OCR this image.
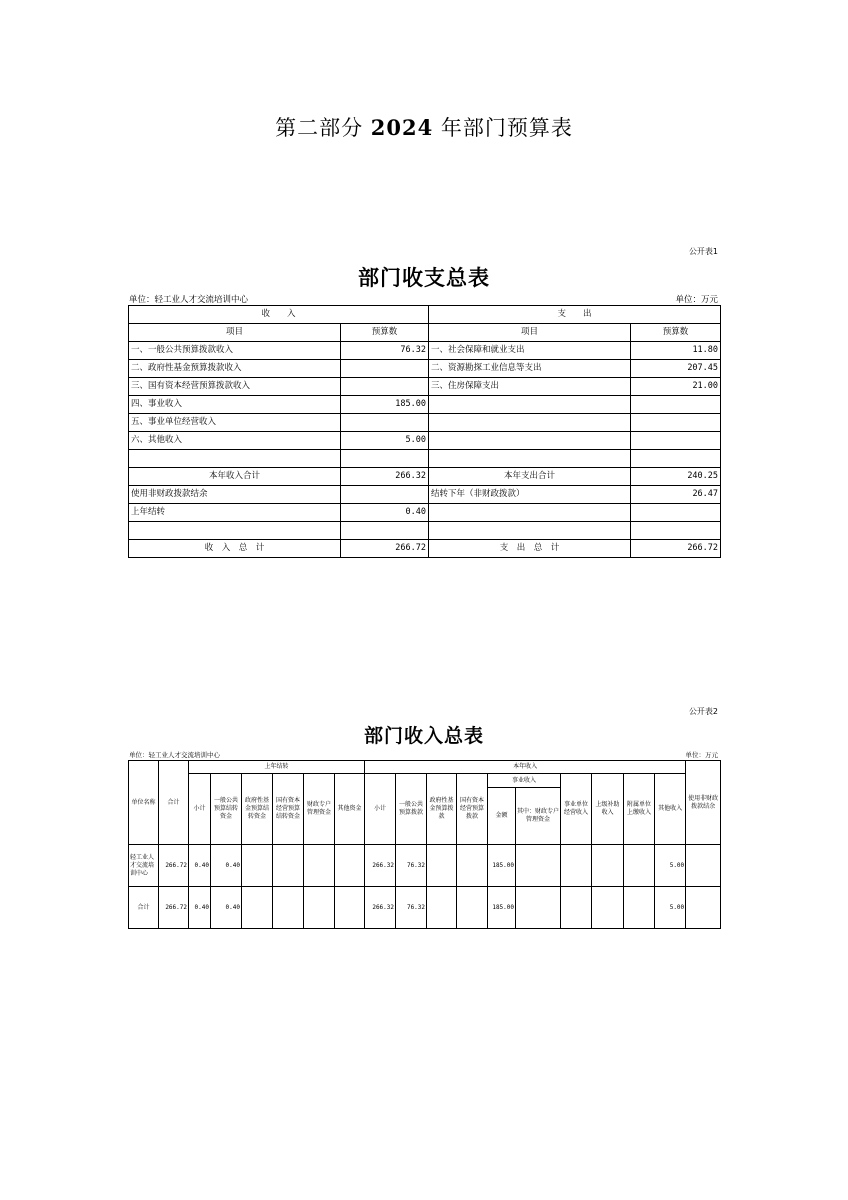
第二部分 2024 年部门预算表
公开表1
部门收支总表
单位：轻工业人才交流培训中心	单位：万元
收　　入		支　　出	
项目	预算数	项目	预算数
一、一般公共预算拨款收入	76.32	一、社会保障和就业支出	11.80
二、政府性基金预算拨款收入		二、资源勘探工业信息等支出	207.45
三、国有资本经营预算拨款收入		三、住房保障支出	21.00
四、事业收入	185.00		
五、事业单位经营收入			
六、其他收入	5.00		

本年收入合计	266.32	本年支出合计	240.25
使用非财政拨款结余		结转下年（非财政拨款）	26.47
上年结转	0.40		

收　入　总　计	266.72	支　出　总　计	266.72
公开表2
部门收入总表
单位：轻工业人才交流培训中心	单位：万元
单位名称	合计	上年结转						本年收入										使用非财政拨款结余
		小计	一般公共预算结转资金	政府性基金预算结转资金	国有资本经营预算结转资金	财政专户管理资金	其他资金	小计	一般公共预算拨款	政府性基金预算拨款	国有资本经营预算拨款	事业收入		事业单位经营收入	上级补助收入	附属单位上缴收入	其他收入	
												金额	其中：财政专户管理资金					
轻工业人才交流培训中心	266.72	0.40	0.40					266.32	76.32			185.00					5.00	
合计	266.72	0.40	0.40					266.32	76.32			185.00					5.00	
